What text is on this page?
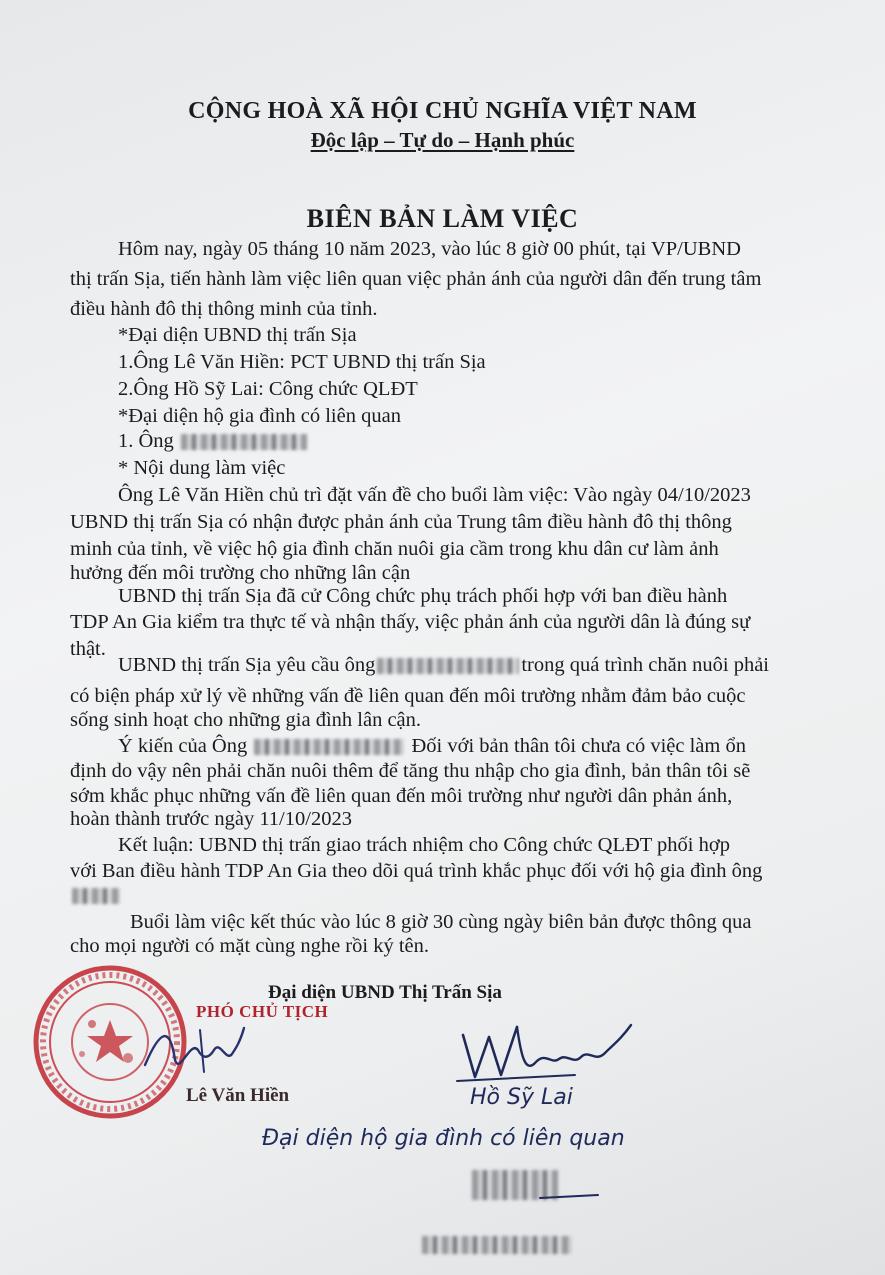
CỘNG HOÀ XÃ HỘI CHỦ NGHĨA VIỆT NAM
Độc lập – Tự do – Hạnh phúc
BIÊN BẢN LÀM VIỆC
Hôm nay, ngày 05 tháng 10 năm 2023, vào lúc 8 giờ 00 phút, tại VP/UBND
thị trấn Sịa, tiến hành làm việc liên quan việc phản ánh của người dân đến trung tâm
điều hành đô thị thông minh của tỉnh.
*Đại diện UBND thị trấn Sịa
1.Ông Lê Văn Hiền: PCT UBND thị trấn Sịa
2.Ông Hồ Sỹ Lai: Công chức QLĐT
*Đại diện hộ gia đình có liên quan
1. Ông
* Nội dung làm việc
Ông Lê Văn Hiền chủ trì đặt vấn đề cho buổi làm việc: Vào ngày 04/10/2023
UBND thị trấn Sịa có nhận được phản ánh của Trung tâm điều hành đô thị thông
minh của tỉnh, về việc hộ gia đình chăn nuôi gia cầm trong khu dân cư làm ảnh
hưởng đến môi trường cho những lân cận
UBND thị trấn Sịa đã cử Công chức phụ trách phối hợp với ban điều hành
TDP An Gia kiểm tra thực tế và nhận thấy, việc phản ánh của người dân là đúng sự
thật.
UBND thị trấn Sịa yêu cầu ông	trong quá trình chăn nuôi phải
có biện pháp xử lý về những vấn đề liên quan đến môi trường nhằm đảm bảo cuộc
sống sinh hoạt cho những gia đình lân cận.
Ý kiến của Ông	Đối với bản thân tôi chưa có việc làm ổn
định do vậy nên phải chăn nuôi thêm để tăng thu nhập cho gia đình, bản thân tôi sẽ
sớm khắc phục những vấn đề liên quan đến môi trường như người dân phản ánh,
hoàn thành trước ngày 11/10/2023
Kết luận: UBND thị trấn giao trách nhiệm cho Công chức QLĐT phối hợp
với Ban điều hành TDP An Gia theo dõi quá trình khắc phục đối với hộ gia đình ông
Buổi làm việc kết thúc vào lúc 8 giờ 30 cùng ngày biên bản được thông qua
cho mọi người có mặt cùng nghe rồi ký tên.
Đại diện UBND Thị Trấn Sịa
PHÓ CHỦ TỊCH
Lê Văn Hiền	Hồ Sỹ Lai
Đại diện hộ gia đình có liên quan
